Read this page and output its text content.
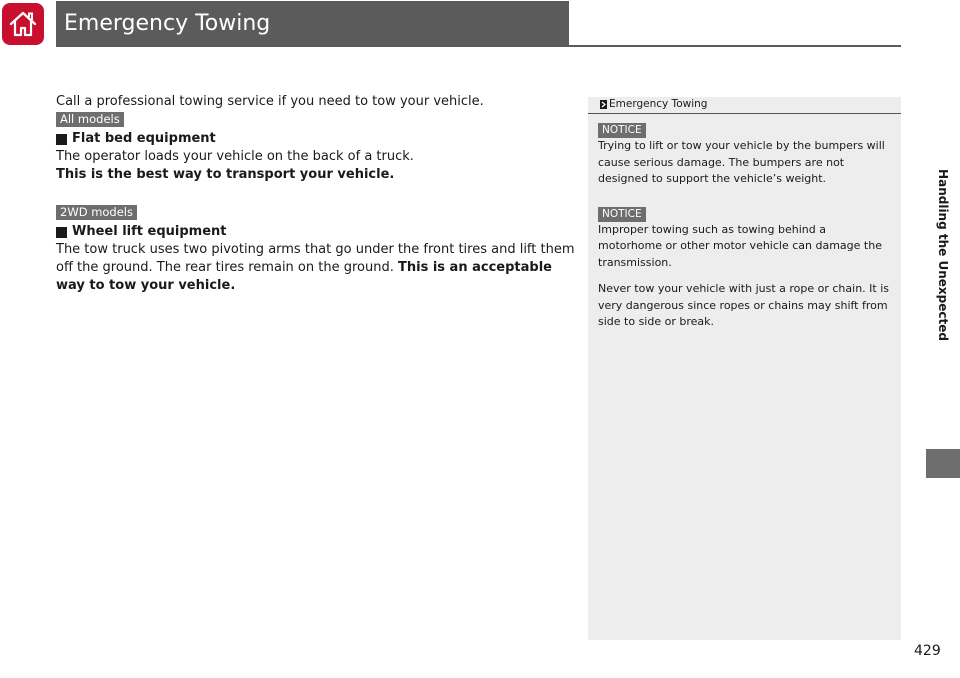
Emergency Towing

Call a professional towing service if you need to tow your vehicle.

All models
Flat bed equipment

The operator loads your vehicle on the back of a truck.

This is the best way to transport your vehicle.

2WD models
Wheel lift equipment

The tow truck uses two pivoting arms that go under the front tires and lift them off the ground. The rear tires remain on the ground. This is an acceptable way to tow your vehicle.

Emergency Towing
NOTICE

Trying to lift or tow your vehicle by the bumpers will cause serious damage. The bumpers are not designed to support the vehicle’s weight.

NOTICE

Improper towing such as towing behind a motorhome or other motor vehicle can damage the transmission.

Never tow your vehicle with just a rope or chain. It is very dangerous since ropes or chains may shift from side to side or break.	Handling the Unexpected
429
